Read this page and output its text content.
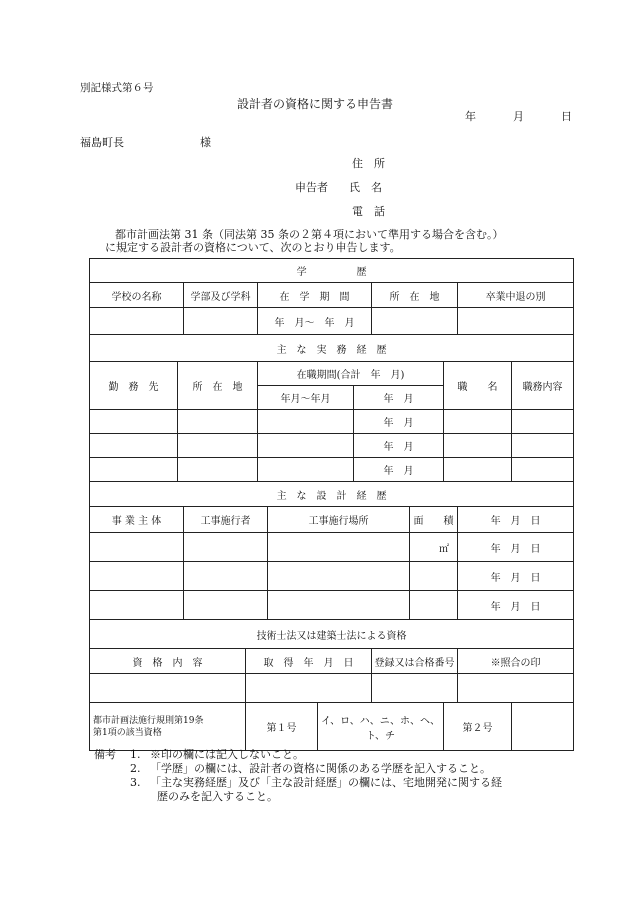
別記様式第６号
設計者の資格に関する申告書
年	月	日
福島町長	様
住　所
申告者 氏　名
電　話
都市計画法第 31 条（同法第 35 条の２第４項において準用する場合を含む。）
に規定する設計者の資格について、次のとおり申告します。
学　　　　　歴												
学校の名称		学部及び学科		在　学　期　間				所　在　地			卒業中退の別	
				年　月～　年　月								
主　な　実　務　経　歴												
勤　務　先	所　在　地			在職期間(合計　年　月)						職　　名		職務内容
				年月～年月			年　月					
							年　月					
							年　月					
							年　月					
主　な　設　計　経　歴												
事 業 主 体		工事施行者			工事施行場所				面　　積		年　月　日	
									㎡		年　月　日	
											年　月　日	
											年　月　日	
技術士法又は建築士法による資格												
資　格　内　容			取　得　年　月　日					登録又は合格番号			※照合の印	

都市計画法施行規則第19条
第1項の該当資格			第１号			イ、ロ、ハ、ニ、ホ、ヘ、ト、チ				第２号		
備考	1. ※印の欄には記入しないこと。
2. 「学歴」の欄には、設計者の資格に関係のある学歴を記入すること。
3. 「主な実務経歴」及び「主な設計経歴」の欄には、宅地開発に関する経
歴のみを記入すること。
